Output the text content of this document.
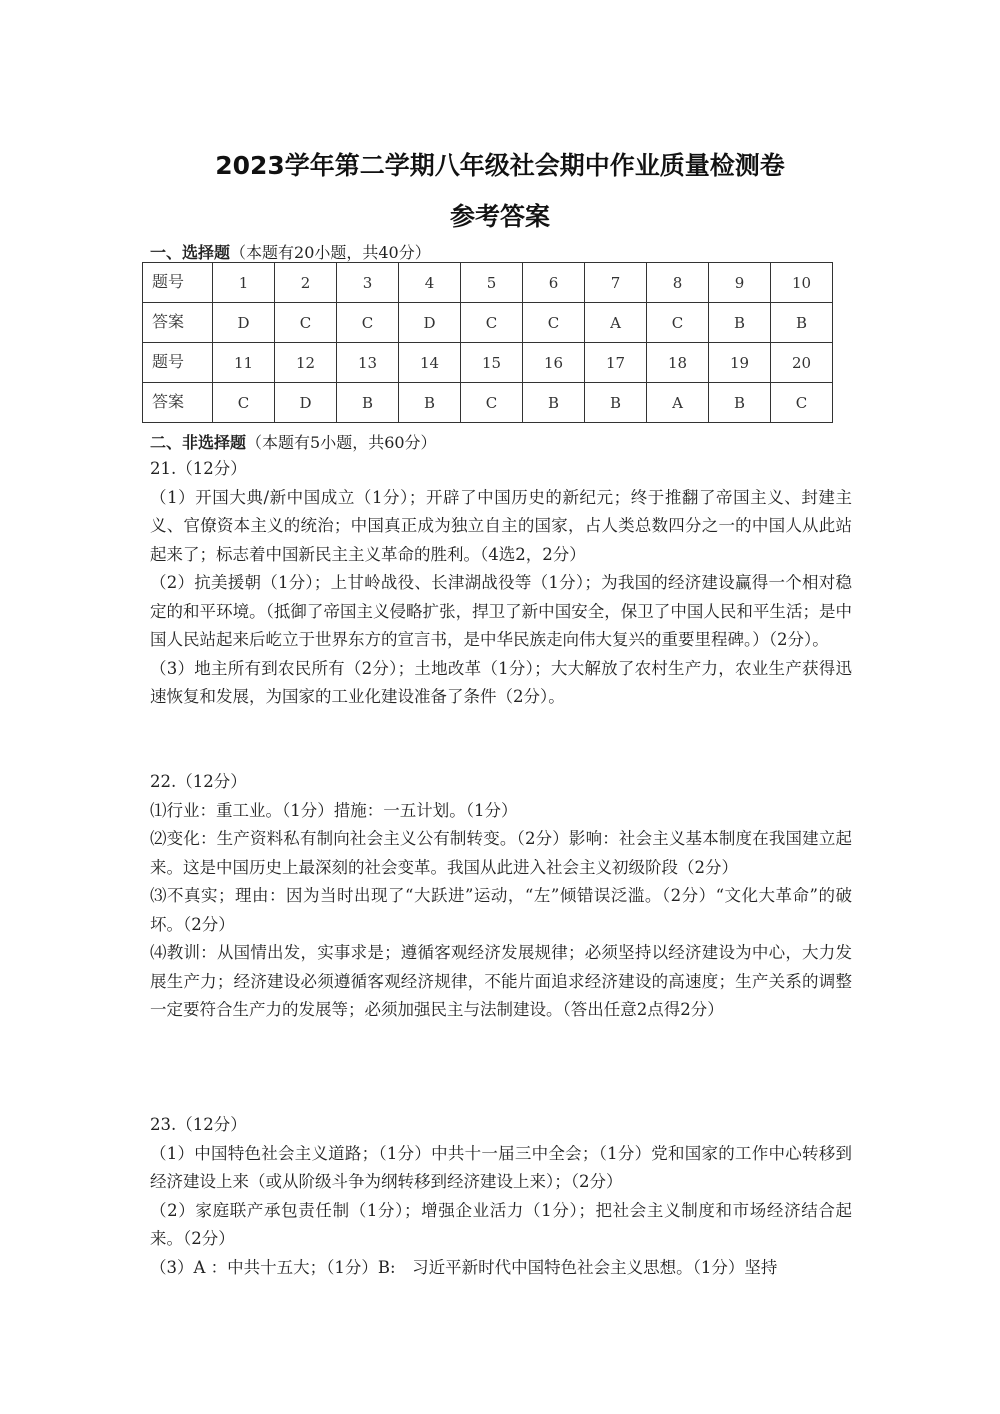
2023学年第二学期八年级社会期中作业质量检测卷
参考答案
一、选择题（本题有20小题，共40分）
题号	1	2	3	4	5	6	7	8	9	10
答案	D	C	C	D	C	C	A	C	B	B
题号	11	12	13	14	15	16	17	18	19	20
答案	C	D	B	B	C	B	B	A	B	C
二、非选择题（本题有5小题，共60分）

21.（12分）

（1）开国大典/新中国成立（1分）；开辟了中国历史的新纪元；终于推翻了帝国主义、封建主义、官僚资本主义的统治；中国真正成为独立自主的国家，占人类总数四分之一的中国人从此站起来了；标志着中国新民主主义革命的胜利。（4选2，2分）

（2）抗美援朝（1分）；上甘岭战役、长津湖战役等（1分）；为我国的经济建设赢得一个相对稳定的和平环境。（抵御了帝国主义侵略扩张，捍卫了新中国安全，保卫了中国人民和平生活；是中国人民站起来后屹立于世界东方的宣言书，是中华民族走向伟大复兴的重要里程碑。）（2分）。

（3）地主所有到农民所有（2分）；土地改革（1分）；大大解放了农村生产力，农业生产获得迅速恢复和发展，为国家的工业化建设准备了条件（2分）。

22.（12分）

⑴行业：重工业。（1分）措施：一五计划。（1分）

⑵变化：生产资料私有制向社会主义公有制转变。（2分）影响：社会主义基本制度在我国建立起来。这是中国历史上最深刻的社会变革。我国从此进入社会主义初级阶段（2分）

⑶不真实；理由：因为当时出现了“大跃进”运动，“左”倾错误泛滥。（2分）“文化大革命”的破坏。（2分）

⑷教训：从国情出发，实事求是；遵循客观经济发展规律；必须坚持以经济建设为中心，大力发展生产力；经济建设必须遵循客观经济规律，不能片面追求经济建设的高速度；生产关系的调整一定要符合生产力的发展等；必须加强民主与法制建设。（答出任意2点得2分）

23.（12分）

（1）中国特色社会主义道路；（1分）中共十一届三中全会；（1分）党和国家的工作中心转移到经济建设上来（或从阶级斗争为纲转移到经济建设上来）；（2分）

（2）家庭联产承包责任制（1分）；增强企业活力（1分）；把社会主义制度和市场经济结合起来。（2分）

（3）A ：中共十五大；（1分）B:　习近平新时代中国特色社会主义思想。（1分）坚持
